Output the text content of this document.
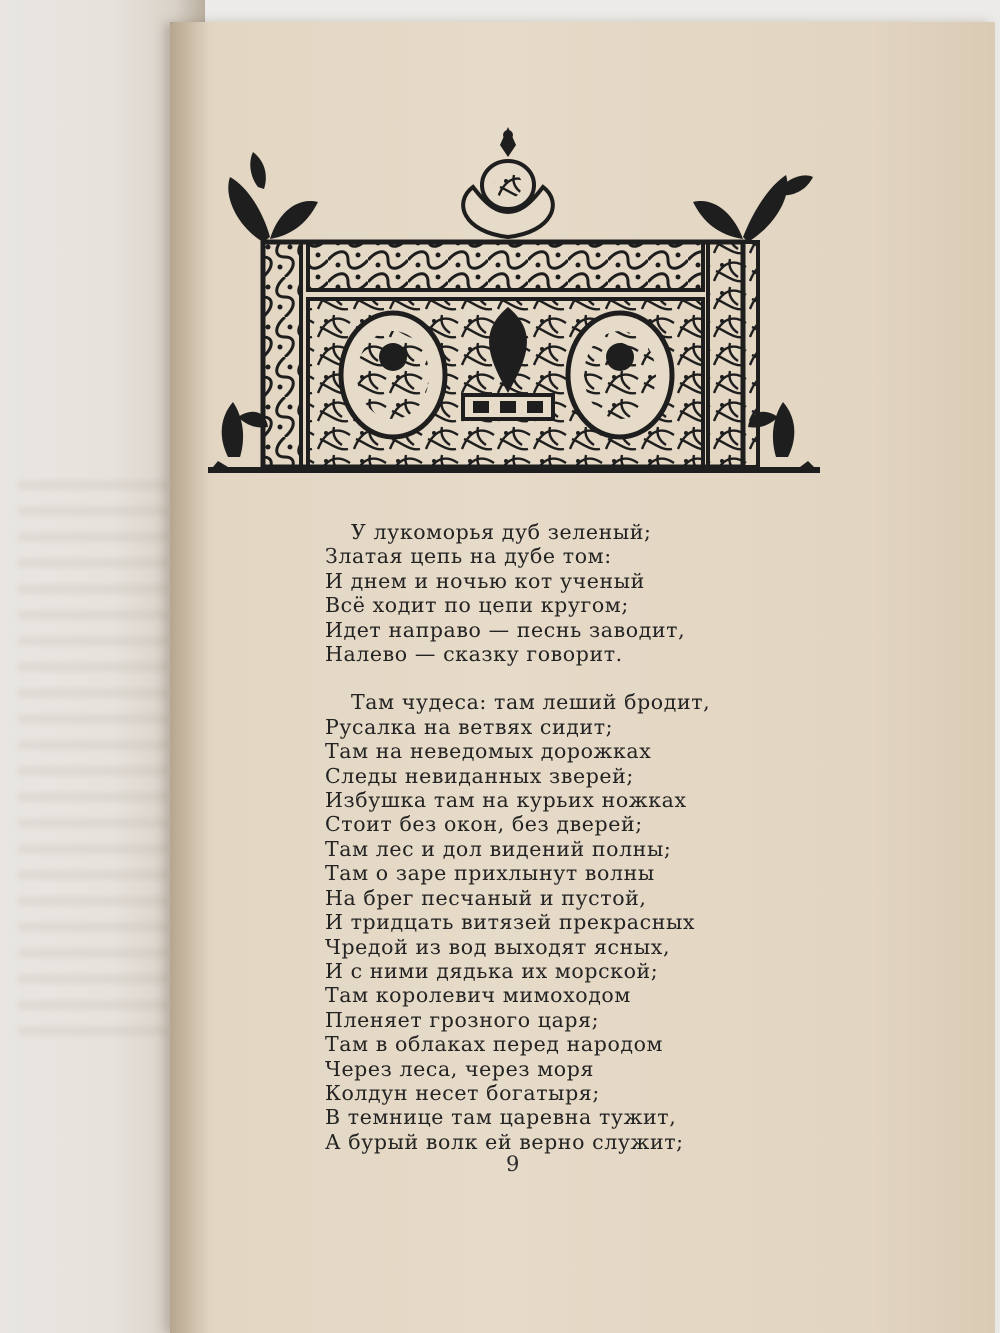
У лукоморья дуб зеленый;
Златая цепь на дубе том:
И днем и ночью кот ученый
Всё ходит по цепи кругом;
Идет направо — песнь заводит,
Налево — сказку говорит.
Там чудеса: там леший бродит,
Русалка на ветвях сидит;
Там на неведомых дорожках
Следы невиданных зверей;
Избушка там на курьих ножках
Стоит без окон, без дверей;
Там лес и дол видений полны;
Там о заре прихлынут волны
На брег песчаный и пустой,
И тридцать витязей прекрасных
Чредой из вод выходят ясных,
И с ними дядька их морской;
Там королевич мимоходом
Пленяет грозного царя;
Там в облаках перед народом
Через леса, через моря
Колдун несет богатыря;
В темнице там царевна тужит,
А бурый волк ей верно служит;
9
